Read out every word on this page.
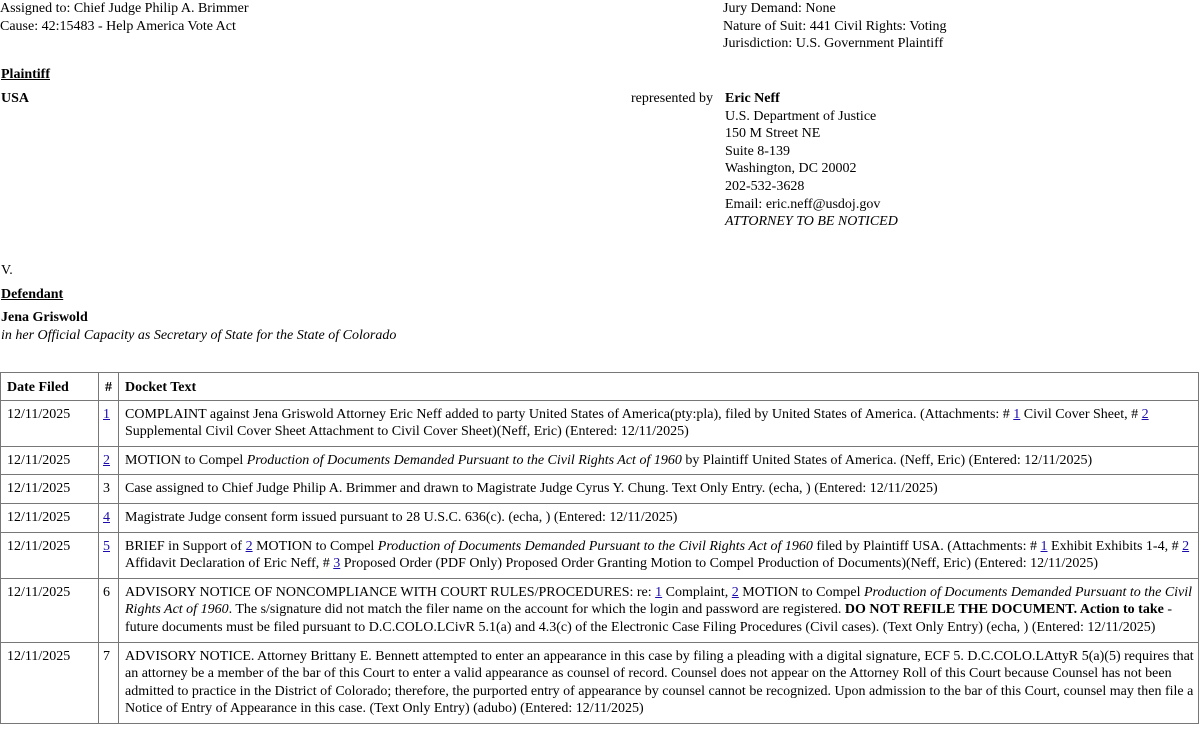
Assigned to: Chief Judge Philip A. Brimmer

Cause: 42:15483 - Help America Vote Act

Jury Demand: None

Nature of Suit: 441 Civil Rights: Voting

Jurisdiction: U.S. Government Plaintiff

Plaintiff
USA	represented by Eric Neff

U.S. Department of Justice

150 M Street NE

Suite 8-139

Washington, DC 20002

202-532-3628

Email: eric.neff@usdoj.gov

ATTORNEY TO BE NOTICED

V.
Defendant
Jena Griswold
in her Official Capacity as Secretary of State for the State of Colorado
Date Filed	#	Docket Text
12/11/2025	1	COMPLAINT against Jena Griswold Attorney Eric Neff added to party United States of America(pty:pla), filed by United States of America. (Attachments: # 1 Civil Cover Sheet, # 2 Supplemental Civil Cover Sheet Attachment to Civil Cover Sheet)(Neff, Eric) (Entered: 12/11/2025)
12/11/2025	2	MOTION to Compel Production of Documents Demanded Pursuant to the Civil Rights Act of 1960 by Plaintiff United States of America. (Neff, Eric) (Entered: 12/11/2025)
12/11/2025	3	Case assigned to Chief Judge Philip A. Brimmer and drawn to Magistrate Judge Cyrus Y. Chung. Text Only Entry. (echa, ) (Entered: 12/11/2025)
12/11/2025	4	Magistrate Judge consent form issued pursuant to 28 U.S.C. 636(c). (echa, ) (Entered: 12/11/2025)
12/11/2025	5	BRIEF in Support of 2 MOTION to Compel Production of Documents Demanded Pursuant to the Civil Rights Act of 1960 filed by Plaintiff USA. (Attachments: # 1 Exhibit Exhibits 1-4, # 2 Affidavit Declaration of Eric Neff, # 3 Proposed Order (PDF Only) Proposed Order Granting Motion to Compel Production of Documents)(Neff, Eric) (Entered: 12/11/2025)
12/11/2025	6	ADVISORY NOTICE OF NONCOMPLIANCE WITH COURT RULES/PROCEDURES: re: 1 Complaint, 2 MOTION to Compel Production of Documents Demanded Pursuant to the Civil Rights Act of 1960. The s/signature did not match the filer name on the account for which the login and password are registered. DO NOT REFILE THE DOCUMENT. Action to take - future documents must be filed pursuant to D.C.COLO.LCivR 5.1(a) and 4.3(c) of the Electronic Case Filing Procedures (Civil cases). (Text Only Entry) (echa, ) (Entered: 12/11/2025)
12/11/2025	7	ADVISORY NOTICE. Attorney Brittany E. Bennett attempted to enter an appearance in this case by filing a pleading with a digital signature, ECF 5. D.C.COLO.LAttyR 5(a)(5) requires that an attorney be a member of the bar of this Court to enter a valid appearance as counsel of record. Counsel does not appear on the Attorney Roll of this Court because Counsel has not been admitted to practice in the District of Colorado; therefore, the purported entry of appearance by counsel cannot be recognized. Upon admission to the bar of this Court, counsel may then file a Notice of Entry of Appearance in this case. (Text Only Entry) (adubo) (Entered: 12/11/2025)
